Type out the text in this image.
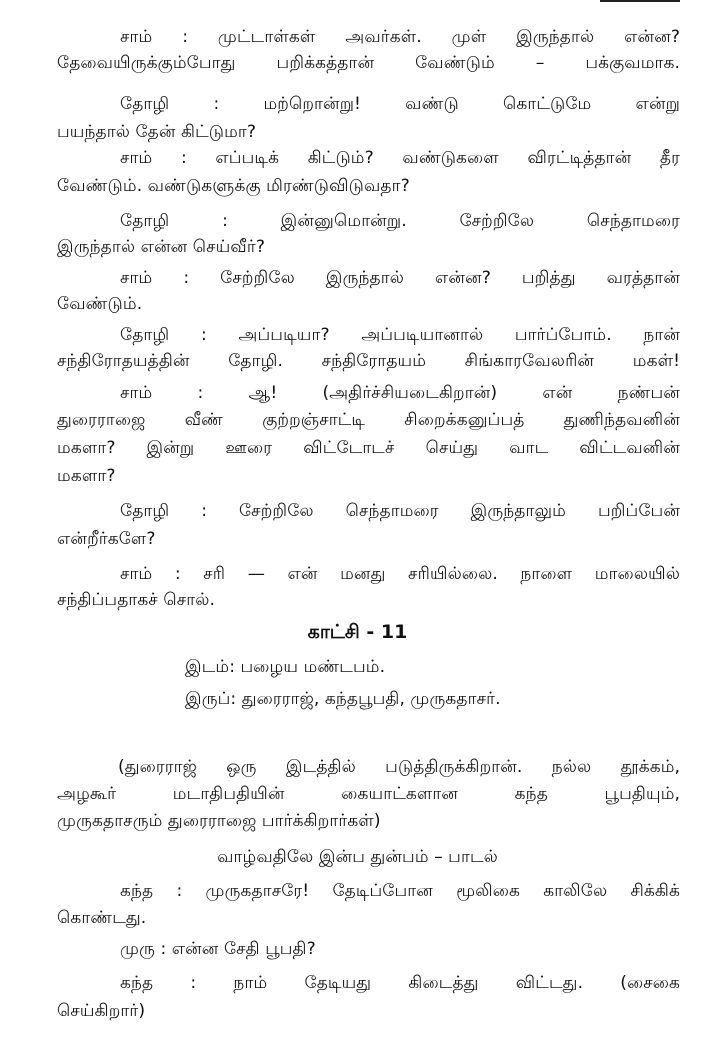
சாம் : முட்டாள்கள் அவர்கள். முள் இருந்தால் என்ன?
தேவையிருக்கும்போது பறிக்கத்தான் வேண்டும் – பக்குவமாக.
தோழி : மற்றொன்று! வண்டு கொட்டுமே என்று
பயந்தால் தேன் கிட்டுமா?
சாம் : எப்படிக் கிட்டும்? வண்டுகளை விரட்டித்தான் தீர
வேண்டும். வண்டுகளுக்கு மிரண்டுவிடுவதா?
தோழி : இன்னுமொன்று. சேற்றிலே செந்தாமரை
இருந்தால் என்ன செய்வீர்?
சாம் : சேற்றிலே இருந்தால் என்ன? பறித்து வரத்தான்
வேண்டும்.
தோழி : அப்படியா? அப்படியானால் பார்ப்போம். நான்
சந்திரோதயத்தின் தோழி. சந்திரோதயம் சிங்காரவேலரின் மகள்!
சாம் : ஆ! (அதிர்ச்சியடைகிறான்) என் நண்பன்
துரைராஜை வீண் குற்றஞ்சாட்டி சிறைக்கனுப்பத் துணிந்தவனின்
மகளா? இன்று ஊரை விட்டோடச் செய்து வாட விட்டவனின்
மகளா?
தோழி : சேற்றிலே செந்தாமரை இருந்தாலும் பறிப்பேன்
என்றீர்களே?
சாம் : சரி — என் மனது சரியில்லை. நாளை மாலையில்
சந்திப்பதாகச் சொல்.
காட்சி - 11
இடம்: பழைய மண்டபம்.
இருப்: துரைராஜ், கந்தபூபதி, முருகதாசர்.
(துரைராஜ் ஒரு இடத்தில் படுத்திருக்கிறான். நல்ல தூக்கம்,
அழகூர் மடாதிபதியின் கையாட்களான கந்த பூபதியும்,
முருகதாசரும் துரைராஜை பார்க்கிறார்கள்)
வாழ்வதிலே இன்ப துன்பம் – பாடல்
கந்த : முருகதாசரே! தேடிப்போன மூலிகை காலிலே சிக்கிக்
கொண்டது.
முரு : என்ன சேதி பூபதி?
கந்த : நாம் தேடியது கிடைத்து விட்டது. (சைகை
செய்கிறார்)
